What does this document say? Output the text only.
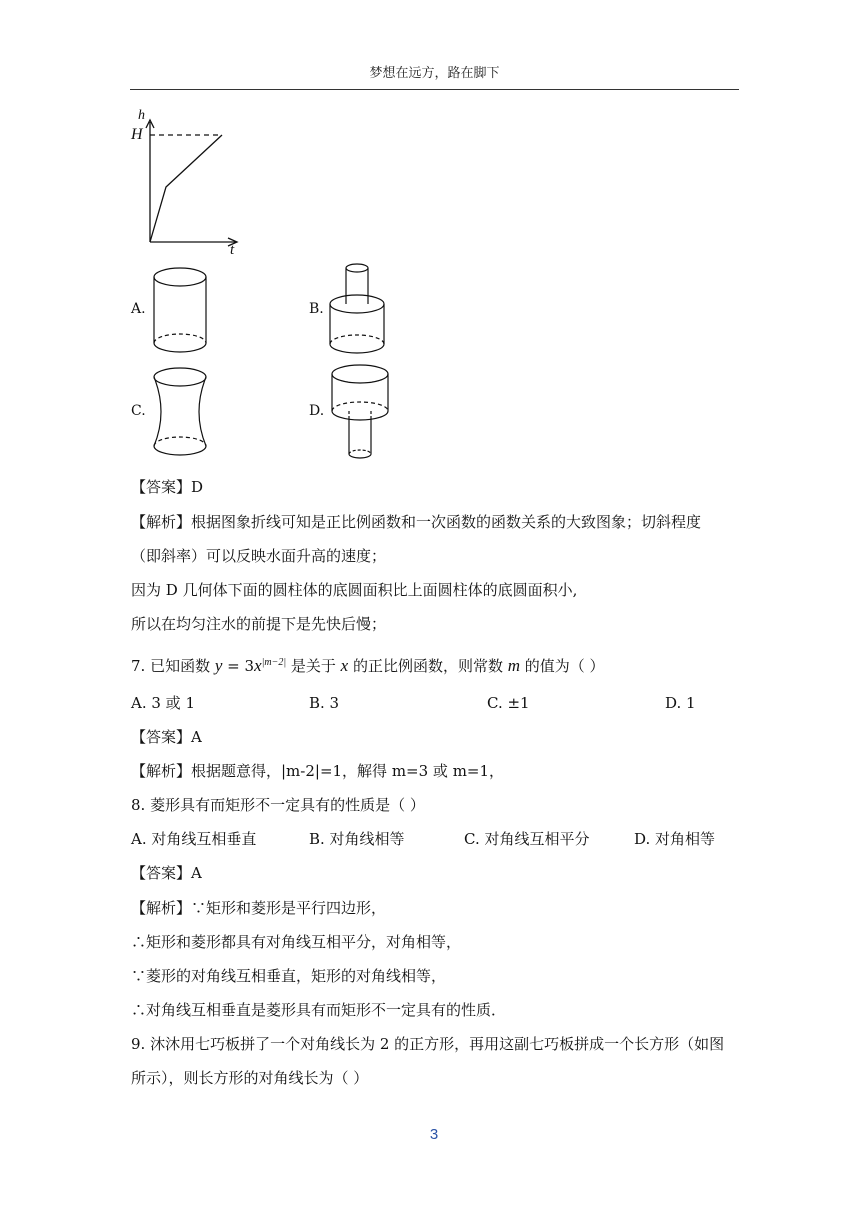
梦想在远方，路在脚下
h
H
t
A.	B.
C.	D.
【答案】D
【解析】根据图象折线可知是正比例函数和一次函数的函数关系的大致图象；切斜程度
（即斜率）可以反映水面升高的速度；
因为 D 几何体下面的圆柱体的底圆面积比上面圆柱体的底圆面积小,
所以在均匀注水的前提下是先快后慢；
7. 已知函数 y = 3x$^{|m-2|}$ 是关于 x 的正比例函数，则常数 m 的值为（ ）
A. 3 或 1	B. 3	C. ±1	D. 1
【答案】A
【解析】根据题意得，|m-2|=1，解得 m=3 或 m=1，
8. 菱形具有而矩形不一定具有的性质是（ ）
A. 对角线互相垂直	B. 对角线相等	C. 对角线互相平分	D. 对角相等
【答案】A
【解析】∵矩形和菱形是平行四边形，
∴矩形和菱形都具有对角线互相平分，对角相等，
∵菱形的对角线互相垂直，矩形的对角线相等，
∴对角线互相垂直是菱形具有而矩形不一定具有的性质．
9. 沐沐用七巧板拼了一个对角线长为 2 的正方形，再用这副七巧板拼成一个长方形（如图
所示），则长方形的对角线长为（ ）
3
